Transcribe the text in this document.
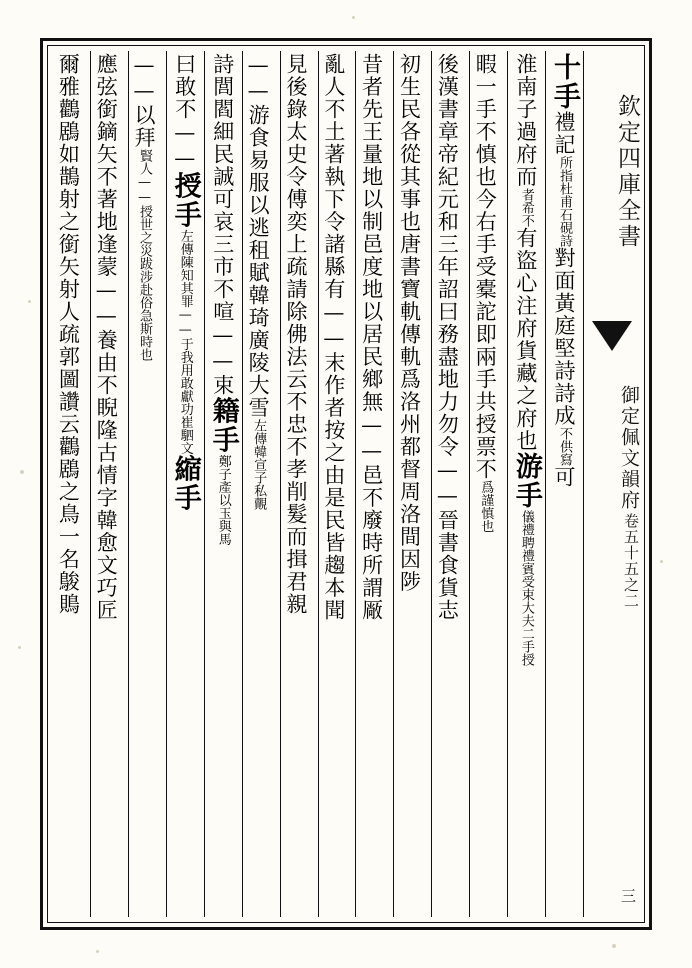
欽定四庫全書
御定佩文韻府
卷五十五之二
三
十手禮記所指杜甫石硯詩對面黃庭堅詩詩成不供寫可
淮南子過府而者希不有盜心注府貨藏之府也游手儀禮聘禮賓受束大夫二手授
暇一手不慎也今右手受橐詑即兩手共授票不爲謹慎也
後漢書章帝紀元和三年詔曰務盡地力勿令——晉書食貨志
初生民各從其事也唐書寶軌傳軌爲洛州都督周洛間因陟
昔者先王量地以制邑度地以居民鄉無——邑不廢時所謂厰
亂人不土著執下令諸縣有——末作者按之由是民皆趨本聞
見後錄太史令傅奕上疏請除佛法云不忠不孝削髮而揖君親
——游食易服以逃租賦韓琦廣陵大雪左傳韓宣子私覿
詩閭閻細民誠可哀三市不喧——束籍手鄭子產以玉與馬
曰敢不——授手左傳陳知其罪——于我用敢獻功崔駟文縮手
——以拜賢人——授世之災跋涉赴俗急斯時也
應弦銜鏑矢不著地逢蒙——養由不睨隆古情字韓愈文巧匠
爾雅鸛鶋如鵲射之銜矢射人疏郭圖讚云鸛鶋之鳥一名鵔鵙
